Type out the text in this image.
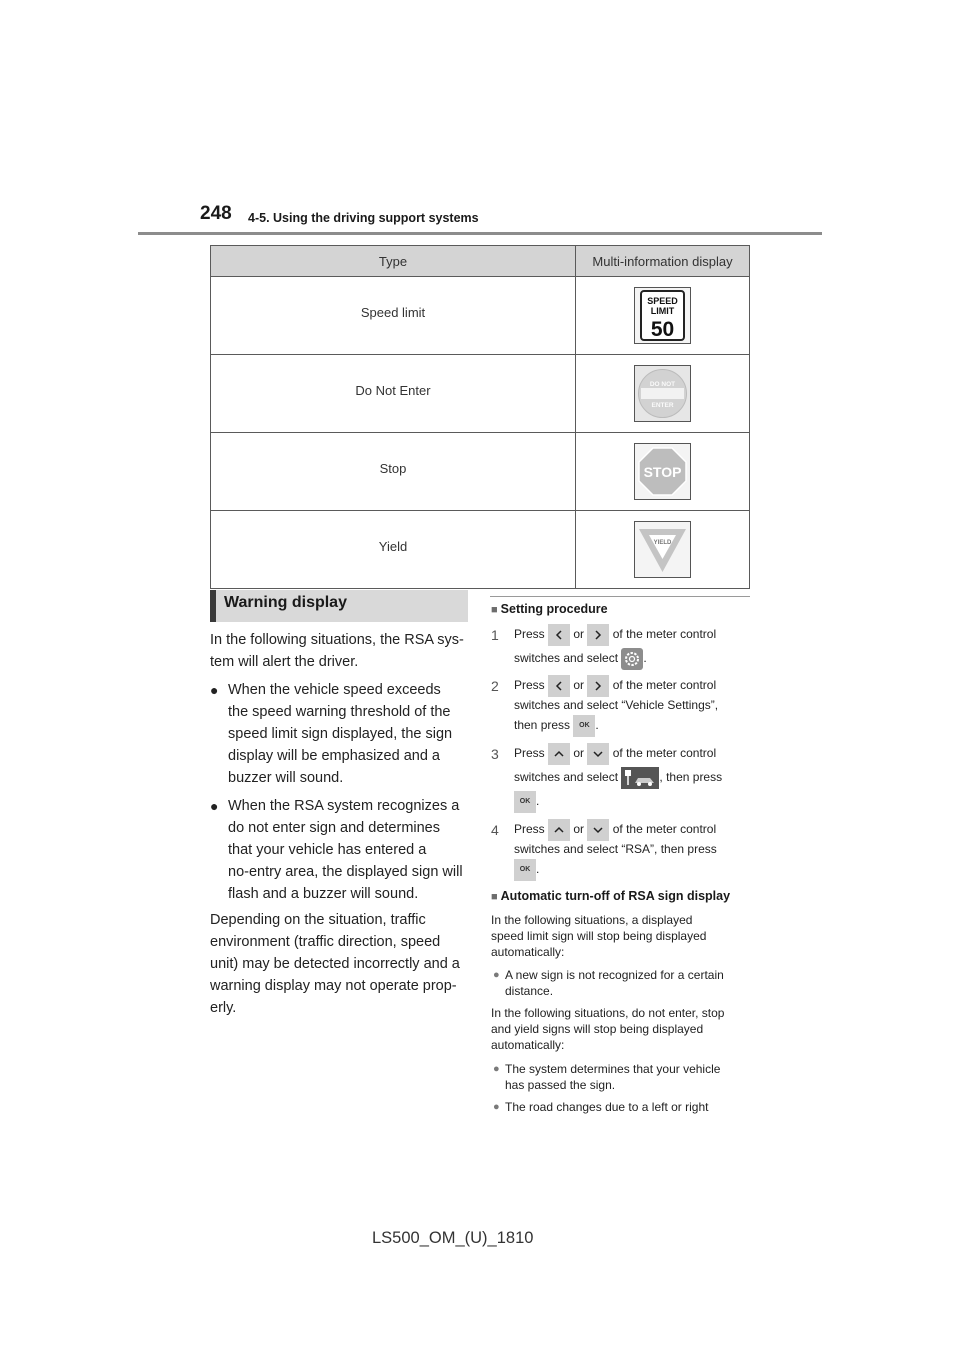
248 4-5. Using the driving support systems
Type	Multi-information display
Speed limit	SPEED
LIMIT
50

Do Not Enter	DO NOT
ENTER

Stop	STOP

Yield	YIELD
Warning display
In the following situations, the RSA sys-
tem will alert the driver.
● When the vehicle speed exceeds
the speed warning threshold of the
speed limit sign displayed, the sign
display will be emphasized and a
buzzer will sound.
● When the RSA system recognizes a
do not enter sign and determines
that your vehicle has entered a
no-entry area, the displayed sign will
flash and a buzzer will sound.
Depending on the situation, traffic
environment (traffic direction, speed
unit) may be detected incorrectly and a
warning display may not operate prop-
erly.
■ Setting procedure
1 Press or of the meter control
switches and select .
2 Press or of the meter control
switches and select “Vehicle Settings”,
then press OK .
3 Press or of the meter control
switches and select	, then press
OK .
4 Press or of the meter control
switches and select “RSA”, then press
OK .
■ Automatic turn-off of RSA sign display
In the following situations, a displayed
speed limit sign will stop being displayed
automatically:
● A new sign is not recognized for a certain
distance.
In the following situations, do not enter, stop
and yield signs will stop being displayed
automatically:
● The system determines that your vehicle
has passed the sign.
● The road changes due to a left or right
LS500_OM_(U)_1810
